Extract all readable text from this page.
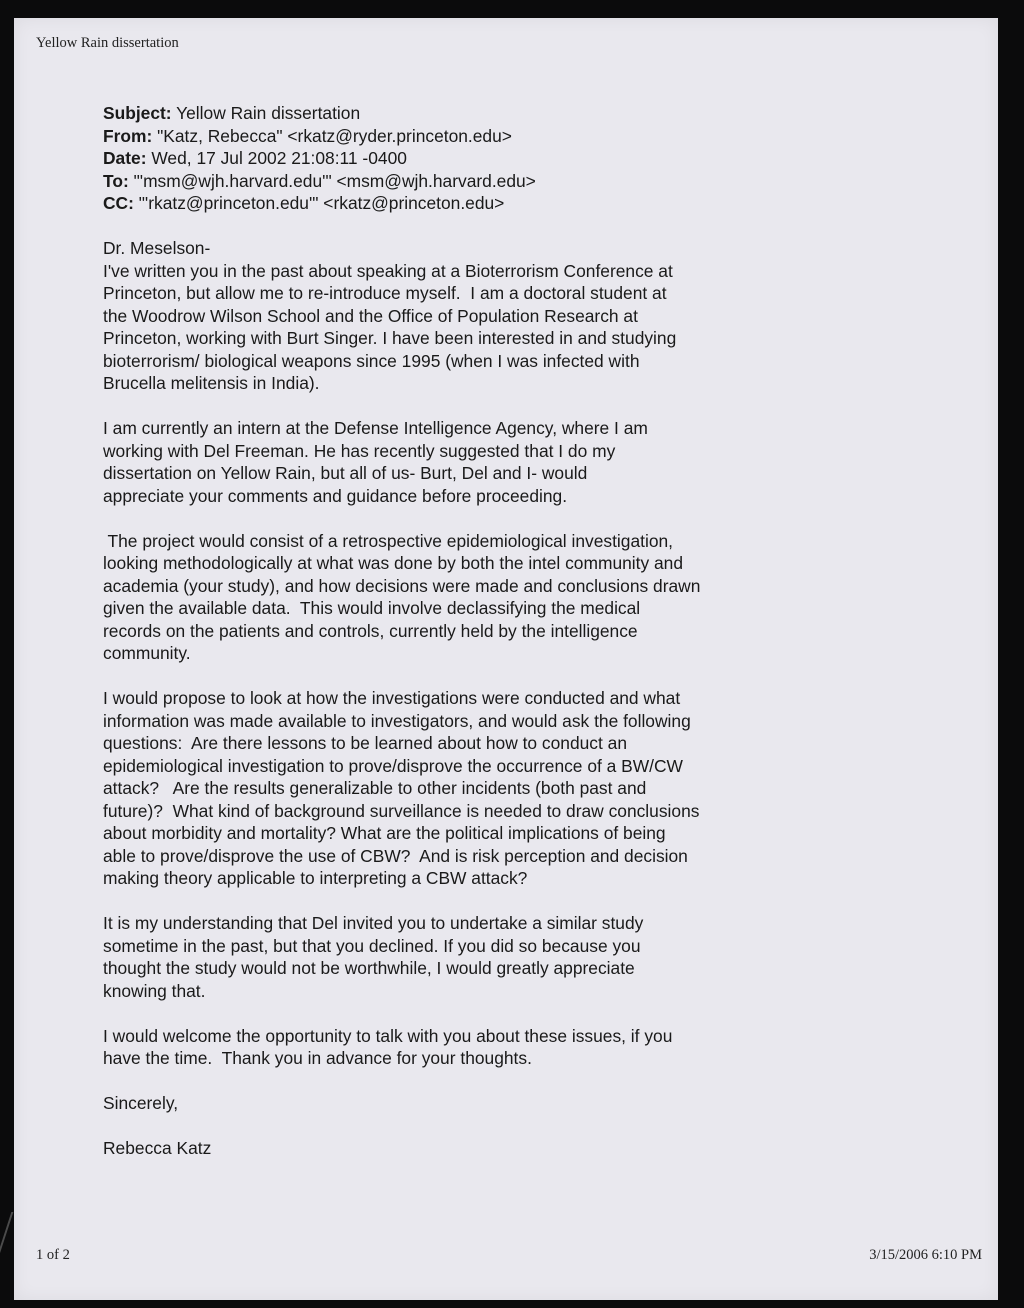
Yellow Rain dissertation
Subject: Yellow Rain dissertation
From: "Katz, Rebecca" <rkatz@ryder.princeton.edu>
Date: Wed, 17 Jul 2002 21:08:11 -0400
To: "'msm@wjh.harvard.edu'" <msm@wjh.harvard.edu>
CC: "'rkatz@princeton.edu'" <rkatz@princeton.edu>
Dr. Meselson-
I've written you in the past about speaking at a Bioterrorism Conference at
Princeton, but allow me to re-introduce myself.  I am a doctoral student at
the Woodrow Wilson School and the Office of Population Research at
Princeton, working with Burt Singer. I have been interested in and studying
bioterrorism/ biological weapons since 1995 (when I was infected with
Brucella melitensis in India).
I am currently an intern at the Defense Intelligence Agency, where I am
working with Del Freeman. He has recently suggested that I do my
dissertation on Yellow Rain, but all of us- Burt, Del and I- would
appreciate your comments and guidance before proceeding.
The project would consist of a retrospective epidemiological investigation,
looking methodologically at what was done by both the intel community and
academia (your study), and how decisions were made and conclusions drawn
given the available data.  This would involve declassifying the medical
records on the patients and controls, currently held by the intelligence
community.
I would propose to look at how the investigations were conducted and what
information was made available to investigators, and would ask the following
questions:  Are there lessons to be learned about how to conduct an
epidemiological investigation to prove/disprove the occurrence of a BW/CW
attack?   Are the results generalizable to other incidents (both past and
future)?  What kind of background surveillance is needed to draw conclusions
about morbidity and mortality? What are the political implications of being
able to prove/disprove the use of CBW?  And is risk perception and decision
making theory applicable to interpreting a CBW attack?
It is my understanding that Del invited you to undertake a similar study
sometime in the past, but that you declined. If you did so because you
thought the study would not be worthwhile, I would greatly appreciate
knowing that.
I would welcome the opportunity to talk with you about these issues, if you
have the time.  Thank you in advance for your thoughts.
Sincerely,
Rebecca Katz
1 of 2	3/15/2006 6:10 PM
